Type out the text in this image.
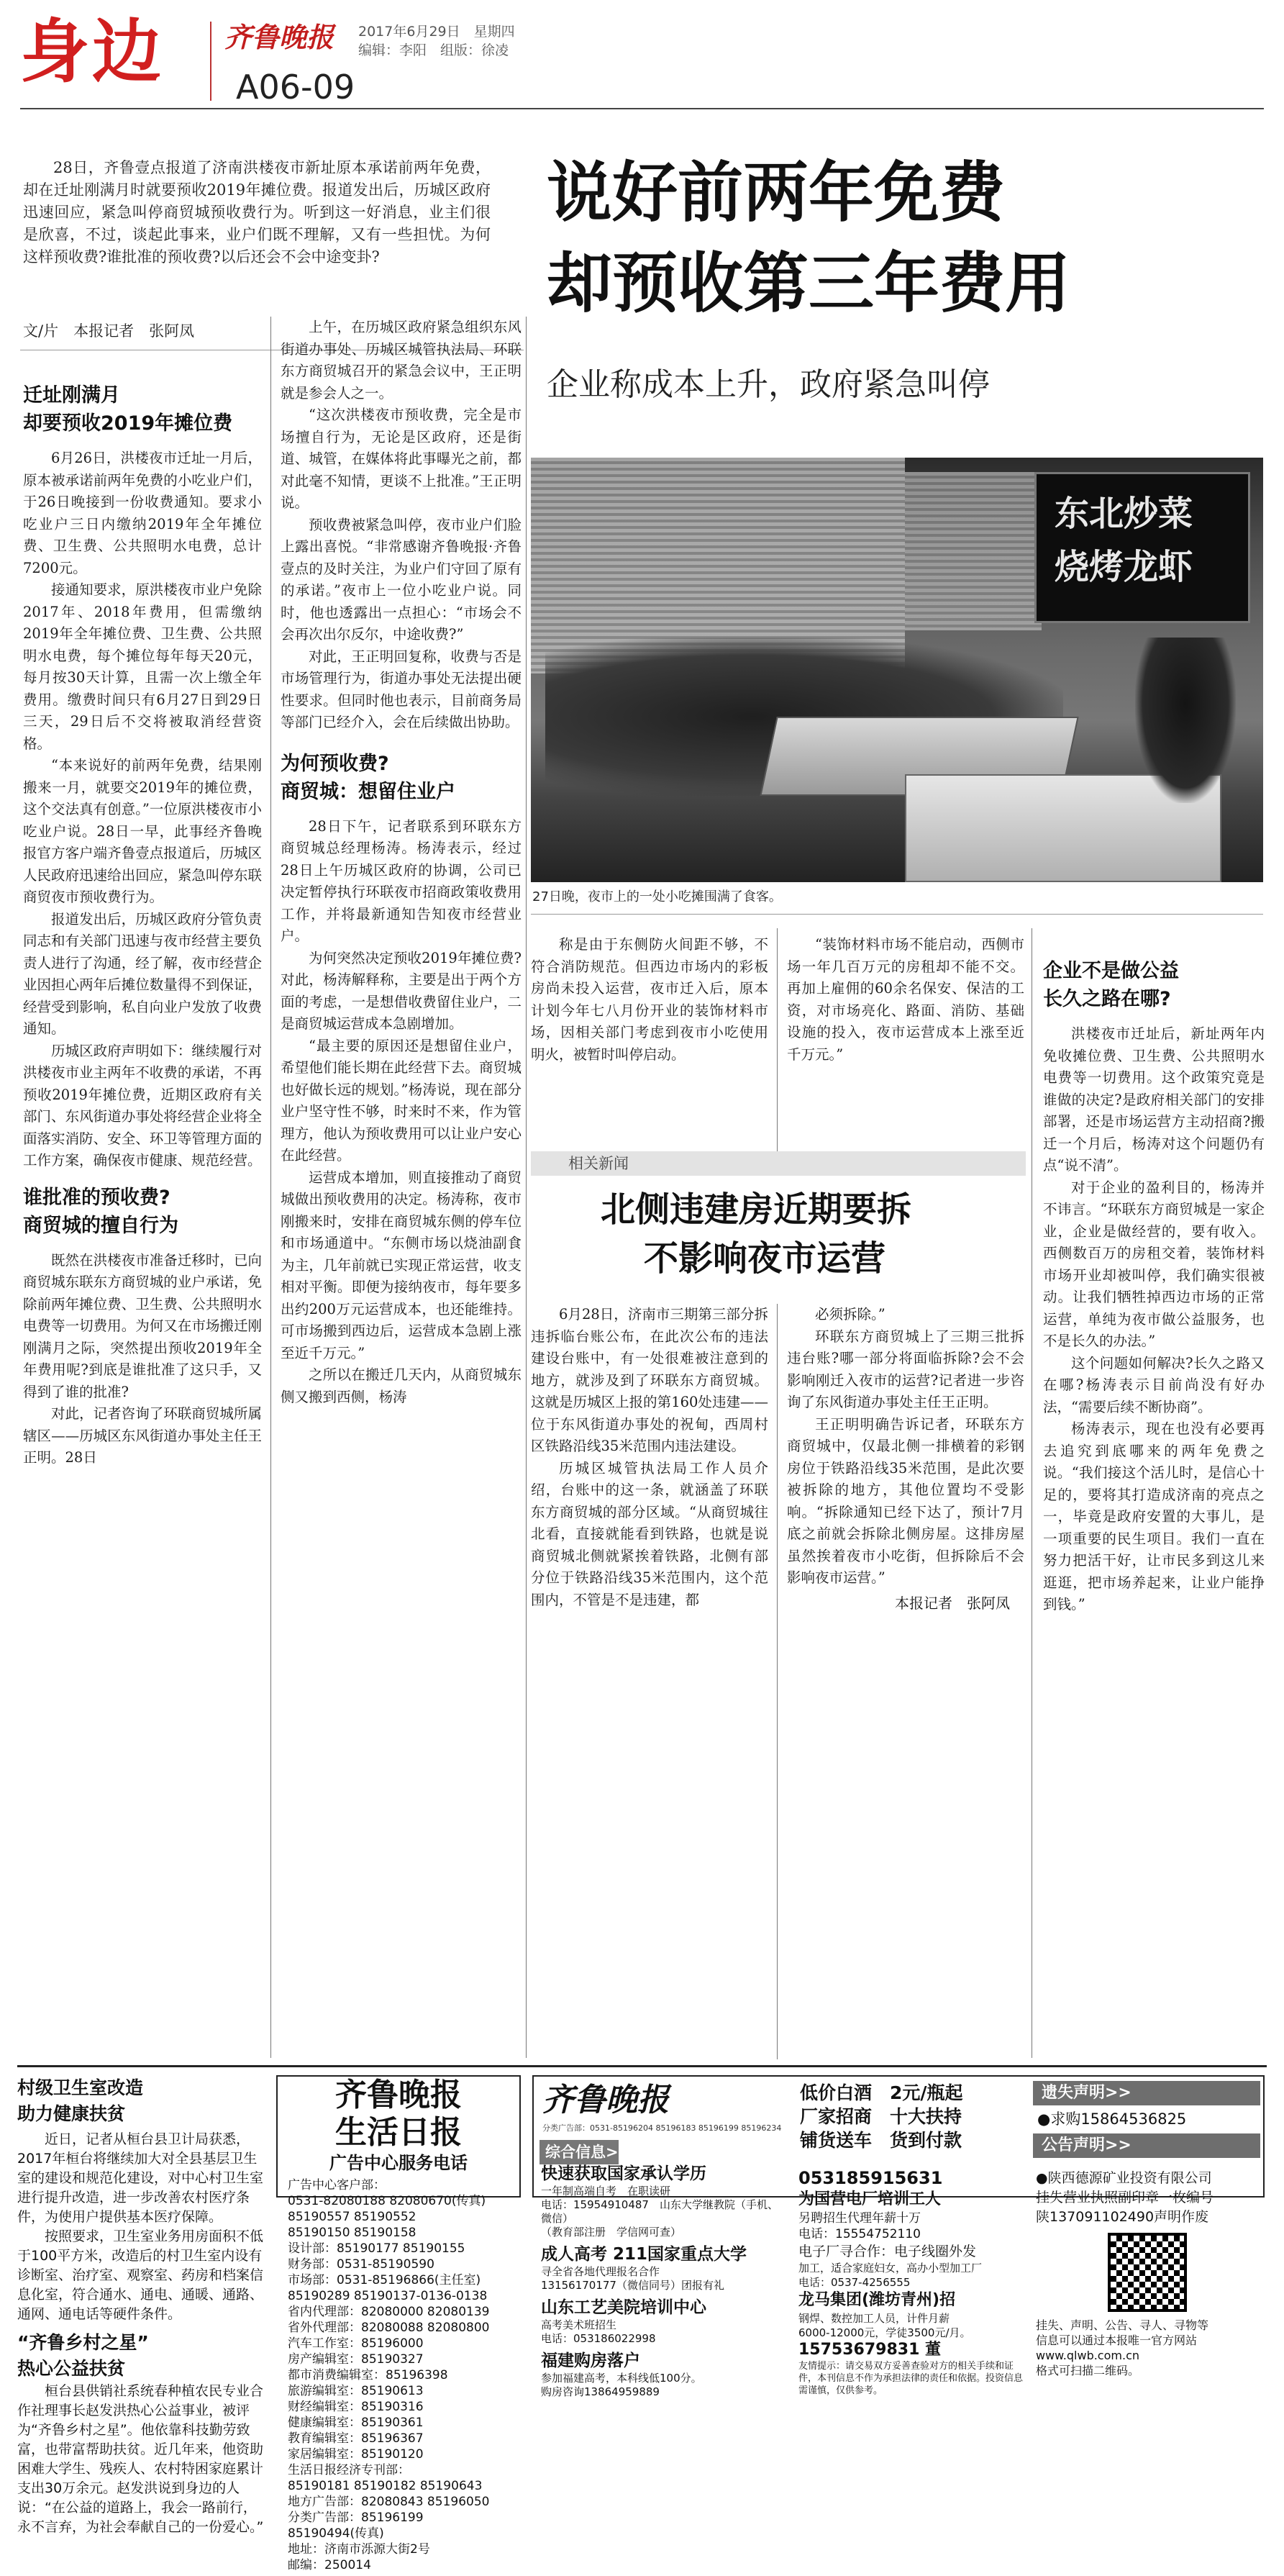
身边 齐鲁晚报 2017年6月29日　星期四
编辑：李阳　组版：徐凌
A06-09
28日，齐鲁壹点报道了济南洪楼夜市新址原本承诺前两年免费，却在迁址刚满月时就要预收2019年摊位费。报道发出后，历城区政府迅速回应，紧急叫停商贸城预收费行为。听到这一好消息，业主们很是欣喜，不过，谈起此事来，业户们既不理解，又有一些担忧。为何这样预收费?谁批准的预收费?以后还会不会中途变卦?
说好前两年免费
却预收第三年费用
企业称成本上升，政府紧急叫停
文/片　本报记者　张阿凤
东北炒菜
烧烤龙虾
27日晚，夜市上的一处小吃摊围满了食客。
迁址刚满月
却要预收2019年摊位费

6月26日，洪楼夜市迁址一月后，原本被承诺前两年免费的小吃业户们，于26日晚接到一份收费通知。要求小吃业户三日内缴纳2019年全年摊位费、卫生费、公共照明水电费，总计7200元。

接通知要求，原洪楼夜市业户免除2017年、2018年费用，但需缴纳2019年全年摊位费、卫生费、公共照明水电费，每个摊位每年每天20元，每月按30天计算，且需一次上缴全年费用。缴费时间只有6月27日到29日三天，29日后不交将被取消经营资格。

“本来说好的前两年免费，结果刚搬来一月，就要交2019年的摊位费，这个交法真有创意。”一位原洪楼夜市小吃业户说。28日一早，此事经齐鲁晚报官方客户端齐鲁壹点报道后，历城区人民政府迅速给出回应，紧急叫停东联商贸夜市预收费行为。

报道发出后，历城区政府分管负责同志和有关部门迅速与夜市经营主要负责人进行了沟通，经了解，夜市经营企业因担心两年后摊位数量得不到保证，经营受到影响，私自向业户发放了收费通知。

历城区政府声明如下：继续履行对洪楼夜市业主两年不收费的承诺，不再预收2019年摊位费，近期区政府有关部门、东风街道办事处将经营企业将全面落实消防、安全、环卫等管理方面的工作方案，确保夜市健康、规范经营。

谁批准的预收费?
商贸城的擅自行为

既然在洪楼夜市准备迁移时，已向商贸城东联东方商贸城的业户承诺，免除前两年摊位费、卫生费、公共照明水电费等一切费用。为何又在市场搬迁刚刚满月之际，突然提出预收2019年全年费用呢?到底是谁批准了这只手，又得到了谁的批准?

对此，记者咨询了环联商贸城所属辖区——历城区东风街道办事处主任王正明。28日

上午，在历城区政府紧急组织东风街道办事处、历城区城管执法局、环联东方商贸城召开的紧急会议中，王正明就是参会人之一。

“这次洪楼夜市预收费，完全是市场擅自行为，无论是区政府，还是街道、城管，在媒体将此事曝光之前，都对此毫不知情，更谈不上批准。”王正明说。

预收费被紧急叫停，夜市业户们脸上露出喜悦。“非常感谢齐鲁晚报·齐鲁壹点的及时关注，为业户们守回了原有的承诺。”夜市上一位小吃业户说。同时，他也透露出一点担心：“市场会不会再次出尔反尔，中途收费?”

对此，王正明回复称，收费与否是市场管理行为，街道办事处无法提出硬性要求。但同时他也表示，目前商务局等部门已经介入，会在后续做出协助。

为何预收费?
商贸城：想留住业户

28日下午，记者联系到环联东方商贸城总经理杨涛。杨涛表示，经过28日上午历城区政府的协调，公司已决定暂停执行环联夜市招商政策收费用工作，并将最新通知告知夜市经营业户。

为何突然决定预收2019年摊位费?对此，杨涛解释称，主要是出于两个方面的考虑，一是想借收费留住业户，二是商贸城运营成本急剧增加。

“最主要的原因还是想留住业户，希望他们能长期在此经营下去。商贸城也好做长远的规划。”杨涛说，现在部分业户坚守性不够，时来时不来，作为管理方，他认为预收费用可以让业户安心在此经营。

运营成本增加，则直接推动了商贸城做出预收费用的决定。杨涛称，夜市刚搬来时，安排在商贸城东侧的停车位和市场通道中。“东侧市场以烧油副食为主，几年前就已实现正常运营，收支相对平衡。即便为接纳夜市，每年要多出约200万元运营成本，也还能维持。可市场搬到西边后，运营成本急剧上涨至近千万元。”

之所以在搬迁几天内，从商贸城东侧又搬到西侧，杨涛

称是由于东侧防火间距不够，不符合消防规范。但西边市场内的彩板房尚未投入运营，夜市迁入后，原本计划今年七八月份开业的装饰材料市场，因相关部门考虑到夜市小吃使用明火，被暂时叫停启动。

“装饰材料市场不能启动，西侧市场一年几百万元的房租却不能不交。再加上雇佣的60余名保安、保洁的工资，对市场亮化、路面、消防、基础设施的投入，夜市运营成本上涨至近千万元。”

企业不是做公益
长久之路在哪?

洪楼夜市迁址后，新址两年内免收摊位费、卫生费、公共照明水电费等一切费用。这个政策究竟是谁做的决定?是政府相关部门的安排部署，还是市场运营方主动招商?搬迁一个月后，杨涛对这个问题仍有点“说不清”。

对于企业的盈利目的，杨涛并不讳言。“环联东方商贸城是一家企业，企业是做经营的，要有收入。西侧数百万的房租交着，装饰材料市场开业却被叫停，我们确实很被动。让我们牺牲掉西边市场的正常运营，单纯为夜市做公益服务，也不是长久的办法。”

这个问题如何解决?长久之路又在哪?杨涛表示目前尚没有好办法，“需要后续不断协商”。

杨涛表示，现在也没有必要再去追究到底哪来的两年免费之说。“我们接这个活儿时，是信心十足的，要将其打造成济南的亮点之一，毕竟是政府安置的大事儿，是一项重要的民生项目。我们一直在努力把活干好，让市民多到这儿来逛逛，把市场养起来，让业户能挣到钱。”

相关新闻
北侧违建房近期要拆
不影响夜市运营

6月28日，济南市三期第三部分拆违拆临台账公布，在此次公布的违法建设台账中，有一处很难被注意到的地方，就涉及到了环联东方商贸城。这就是历城区上报的第160处违建——位于东风街道办事处的祝甸，西周村区铁路沿线35米范围内违法建设。

历城区城管执法局工作人员介绍，台账中的这一条，就涵盖了环联东方商贸城的部分区域。“从商贸城往北看，直接就能看到铁路，也就是说商贸城北侧就紧挨着铁路，北侧有部分位于铁路沿线35米范围内，这个范围内，不管是不是违建，都

必须拆除。”

环联东方商贸城上了三期三批拆违台账?哪一部分将面临拆除?会不会影响刚迁入夜市的运营?记者进一步咨询了东风街道办事处主任王正明。

王正明明确告诉记者，环联东方商贸城中，仅最北侧一排横着的彩钢房位于铁路沿线35米范围，是此次要被拆除的地方，其他位置均不受影响。“拆除通知已经下达了，预计7月底之前就会拆除北侧房屋。这排房屋虽然挨着夜市小吃街，但拆除后不会影响夜市运营。”

本报记者　张阿凤
村级卫生室改造
助力健康扶贫
近日，记者从桓台县卫计局获悉，2017年桓台将继续加大对全县基层卫生室的建设和规范化建设，对中心村卫生室进行提升改造，进一步改善农村医疗条件，为使用户提供基本医疗保障。
按照要求，卫生室业务用房面积不低于100平方米，改造后的村卫生室内设有诊断室、治疗室、观察室、药房和档案信息化室，符合通水、通电、通暖、通路、通网、通电话等硬件条件。
“齐鲁乡村之星”
热心公益扶贫
桓台县供销社系统春种植农民专业合作社理事长赵发洪热心公益事业，被评为“齐鲁乡村之星”。他依靠科技勤劳致富，也带富帮助扶贫。近几年来，他资助困难大学生、残疾人、农村特困家庭累计支出30万余元。赵发洪说到身边的人说：“在公益的道路上，我会一路前行，永不言弃，为社会奉献自己的一份爱心。”
齐鲁晚报
生活日报
广告中心服务电话
广告中心客户部：
0531-82080188 82080670(传真)
85190557 85190552
85190150 85190158
设计部：85190177 85190155
财务部：0531-85190590
市场部：0531-85196866(主任室)
85190289 85190137-0136-0138
省内代理部：82080000 82080139
省外代理部：82080088 82080800
汽车工作室：85196000
房产编辑室：85190327
都市消费编辑室：85196398
旅游编辑室：85190613
财经编辑室：85190316
健康编辑室：85190361
教育编辑室：85196367
家居编辑室：85190120
生活日报经济专刊部：
85190181 85190182 85190643
地方广告部：82080843 85196050
分类广告部：85196199
85190494(传真)
地址：济南市泺源大街2号
邮编：250014
齐鲁晚报
分类广告部：0531-85196204 85196183 85196199 85196234
综合信息>>
低价白酒　2元/瓶起
厂家招商　十大扶持
铺货送车　货到付款
遗失声明>>
●求购15864536825
公告声明>>
快速获取国家承认学历
一年制高端自考　在职读研
电话：15954910487　山东大学继教院（手机、微信）
（教育部注册　学信网可查）
成人高考 211国家重点大学
寻全省各地代理报名合作
13156170177（微信同号）团报有礼
山东工艺美院培训中心
高考美术班招生
电话：053186022998
福建购房落户
参加福建高考，本科线低100分。
购房咨询13864959889
053185915631
为国营电厂培训工人
另聘招生代理年薪十万
电话：15554752110
电子厂寻合作：电子线圈外发
加工，适合家庭妇女，高办小型加工厂
电话：0537-4256555
龙马集团(潍坊青州)招
钢焊、数控加工人员，计件月薪
6000-12000元，学徒3500元/月。
15753679831 董
友情提示：请交易双方妥善查验对方的相关手续和证件，本刊信息不作为承担法律的责任和依据。投资信息需谨慎，仅供参考。
●陕西德源矿业投资有限公司
挂失营业执照副印章一枚编号
陕137091102490声明作废
挂失、声明、公告、寻人、寻物等
信息可以通过本报唯一官方网站
www.qlwb.com.cn
格式可扫描二维码。
